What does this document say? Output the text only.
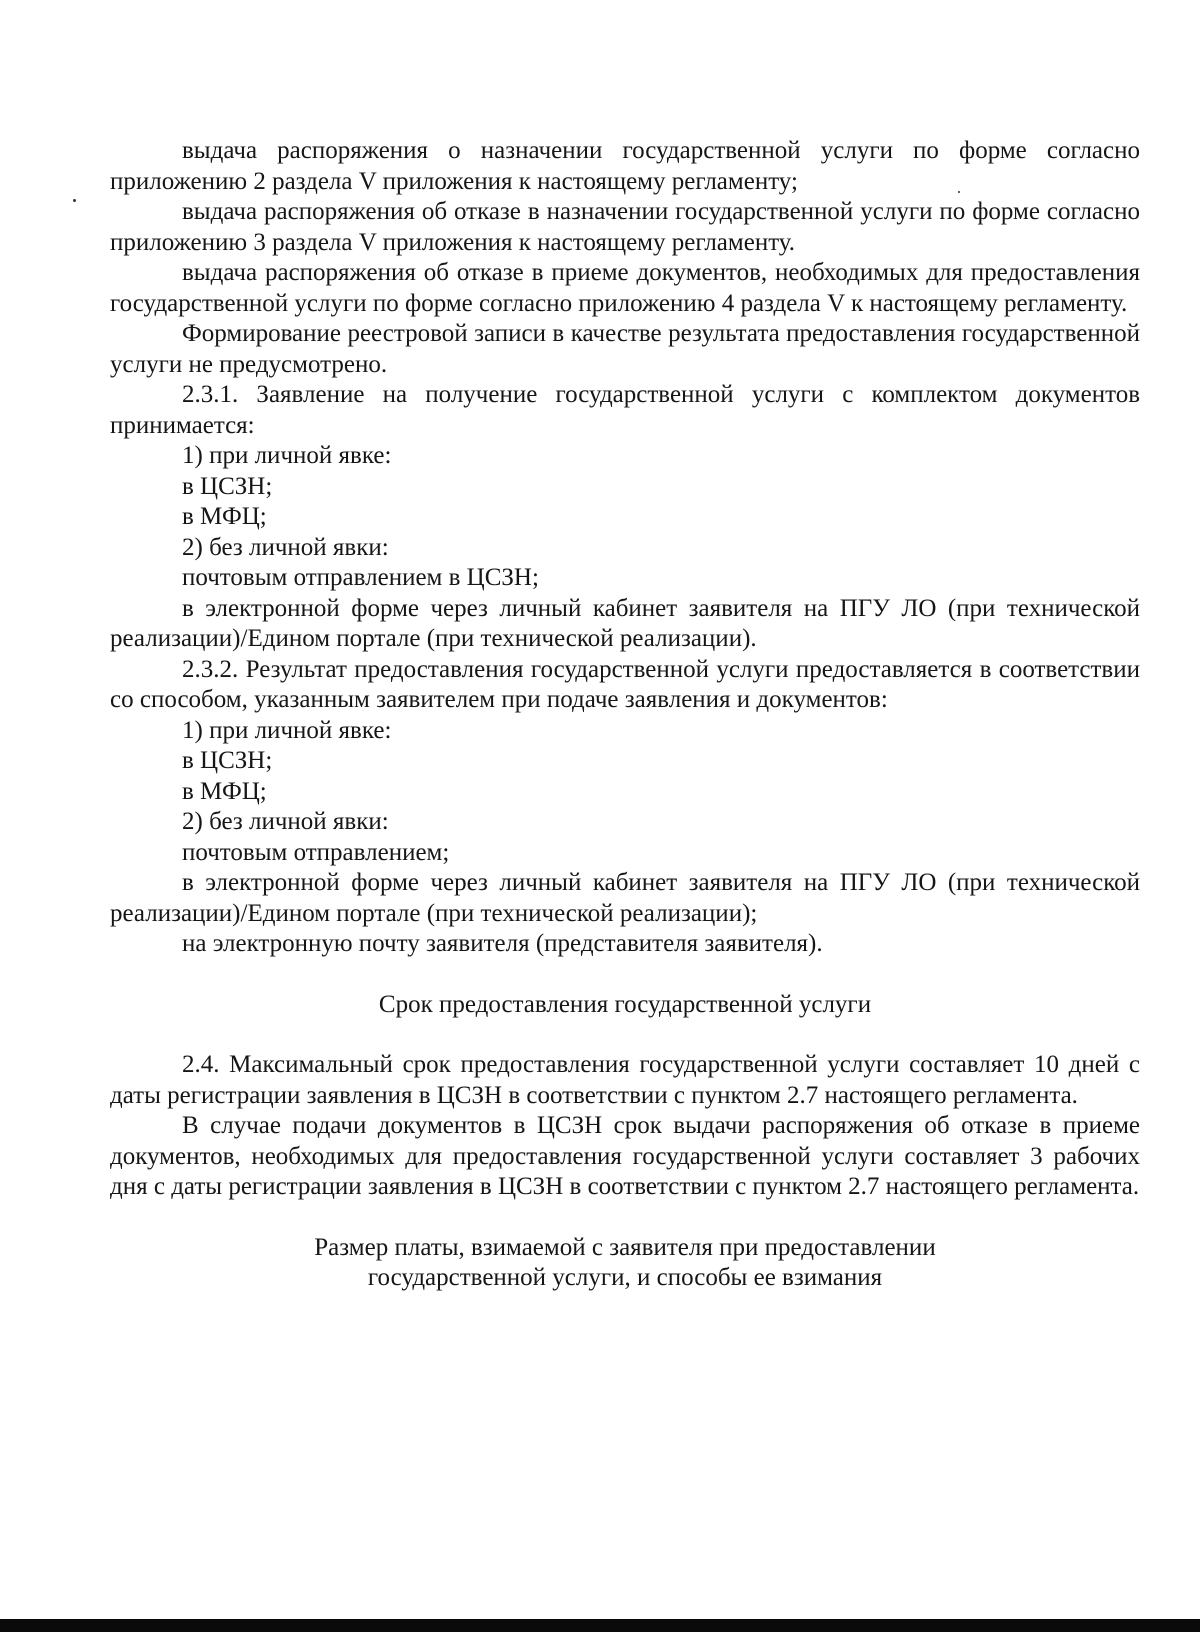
выдача распоряжения о назначении государственной услуги по форме согласно приложению 2 раздела V приложения к настоящему регламенту;

выдача распоряжения об отказе в назначении государственной услуги по форме согласно приложению 3 раздела V приложения к настоящему регламенту.

выдача распоряжения об отказе в приеме документов, необходимых для предоставления государственной услуги по форме согласно приложению 4 раздела V к настоящему регламенту.

Формирование реестровой записи в качестве результата предоставления государственной услуги не предусмотрено.

2.3.1. Заявление на получение государственной услуги с комплектом документов принимается:

1) при личной явке:

в ЦСЗН;

в МФЦ;

2) без личной явки:

почтовым отправлением в ЦСЗН;

в электронной форме через личный кабинет заявителя на ПГУ ЛО (при технической реализации)/Едином портале (при технической реализации).

2.3.2. Результат предоставления государственной услуги предоставляется в соответствии со способом, указанным заявителем при подаче заявления и документов:

1) при личной явке:

в ЦСЗН;

в МФЦ;

2) без личной явки:

почтовым отправлением;

в электронной форме через личный кабинет заявителя на ПГУ ЛО (при технической реализации)/Едином портале (при технической реализации);

на электронную почту заявителя (представителя заявителя).

Срок предоставления государственной услуги

2.4. Максимальный срок предоставления государственной услуги составляет 10 дней с даты регистрации заявления в ЦСЗН в соответствии с пунктом 2.7 настоящего регламента.

В случае подачи документов в ЦСЗН срок выдачи распоряжения об отказе в приеме документов, необходимых для предоставления государственной услуги составляет 3 рабочих дня с даты регистрации заявления в ЦСЗН в соответствии с пунктом 2.7 настоящего регламента.

Размер платы, взимаемой с заявителя при предоставлении
государственной услуги, и способы ее взимания
